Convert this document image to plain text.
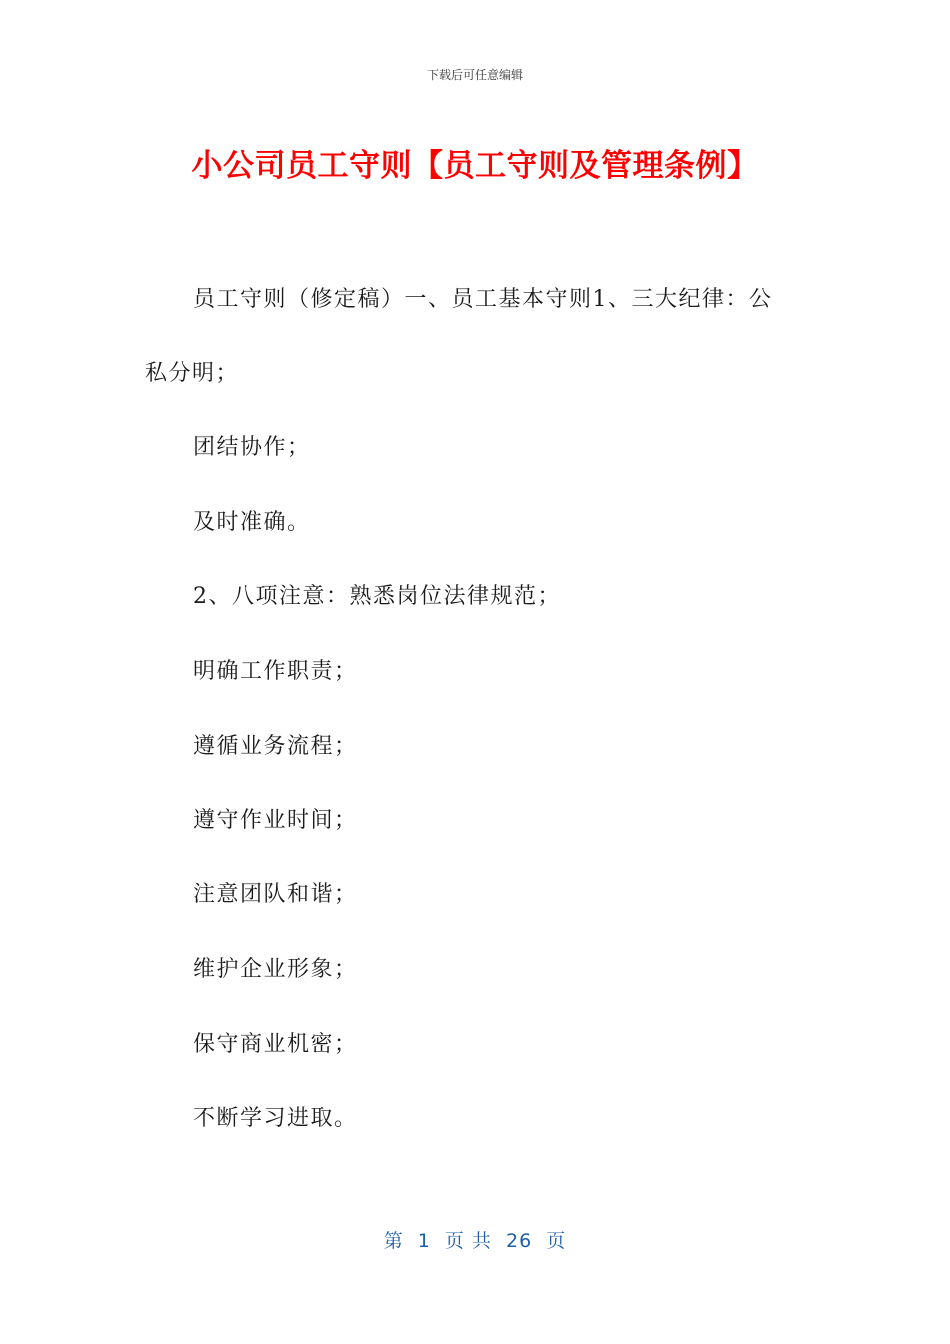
下载后可任意编辑
小公司员工守则【员工守则及管理条例】
员工守则（修定稿）一、员工基本守则1、三大纪律：公
私分明；
团结协作；
及时准确。
2、八项注意：熟悉岗位法律规范；
明确工作职责；
遵循业务流程；
遵守作业时间；
注意团队和谐；
维护企业形象；
保守商业机密；
不断学习进取。
第  1  页 共  26  页
